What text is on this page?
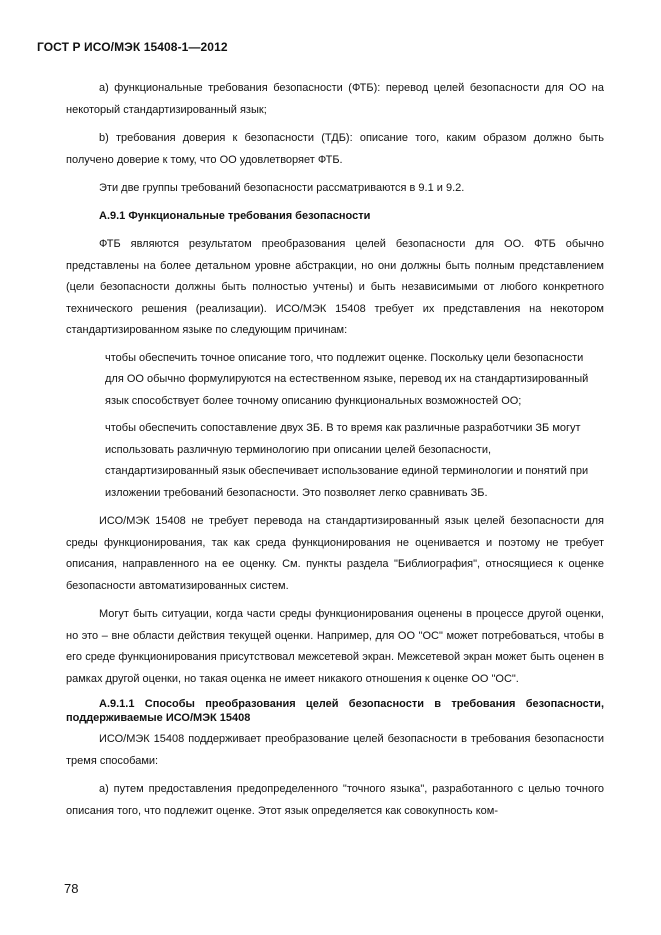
ГОСТ Р ИСО/МЭК 15408-1—2012

а) функциональные требования безопасности (ФТБ): перевод целей безопасности для ОО на некоторый стандартизированный язык;

b) требования доверия к безопасности (ТДБ): описание того, каким образом должно быть получено доверие к тому, что ОО удовлетворяет ФТБ.

Эти две группы требований безопасности рассматриваются в 9.1 и 9.2.

А.9.1 Функциональные требования безопасности

ФТБ являются результатом преобразования целей безопасности для ОО. ФТБ обычно представлены на более детальном уровне абстракции, но они должны быть полным представлением (цели безопасности должны быть полностью учтены) и быть независимыми от любого конкретного технического решения (реализации). ИСО/МЭК 15408 требует их представления на некотором стандартизированном языке по следующим причинам:

чтобы обеспечить точное описание того, что подлежит оценке. Поскольку цели безопасности для ОО обычно формулируются на естественном языке, перевод их на стандартизированный язык способствует более точному описанию функциональных возможностей ОО;

чтобы обеспечить сопоставление двух ЗБ. В то время как различные разработчики ЗБ могут использовать различную терминологию при описании целей безопасности, стандартизированный язык обеспечивает использование единой терминологии и понятий при изложении требований безопасности. Это позволяет легко сравнивать ЗБ.

ИСО/МЭК 15408 не требует перевода на стандартизированный язык целей безопасности для среды функционирования, так как среда функционирования не оценивается и поэтому не требует описания, направленного на ее оценку. См. пункты раздела "Библиография", относящиеся к оценке безопасности автоматизированных систем.

Могут быть ситуации, когда части среды функционирования оценены в процессе другой оценки, но это – вне области действия текущей оценки. Например, для ОО "ОС" может потребоваться, чтобы в его среде функционирования присутствовал межсетевой экран. Межсетевой экран может быть оценен в рамках другой оценки, но такая оценка не имеет никакого отношения к оценке ОО "ОС".

А.9.1.1 Способы преобразования целей безопасности в требования безопасности, поддерживаемые ИСО/МЭК 15408

ИСО/МЭК 15408 поддерживает преобразование целей безопасности в требования безопасности тремя способами:

а) путем предоставления предопределенного "точного языка", разработанного с целью точного описания того, что подлежит оценке. Этот язык определяется как совокупность ком-

78
